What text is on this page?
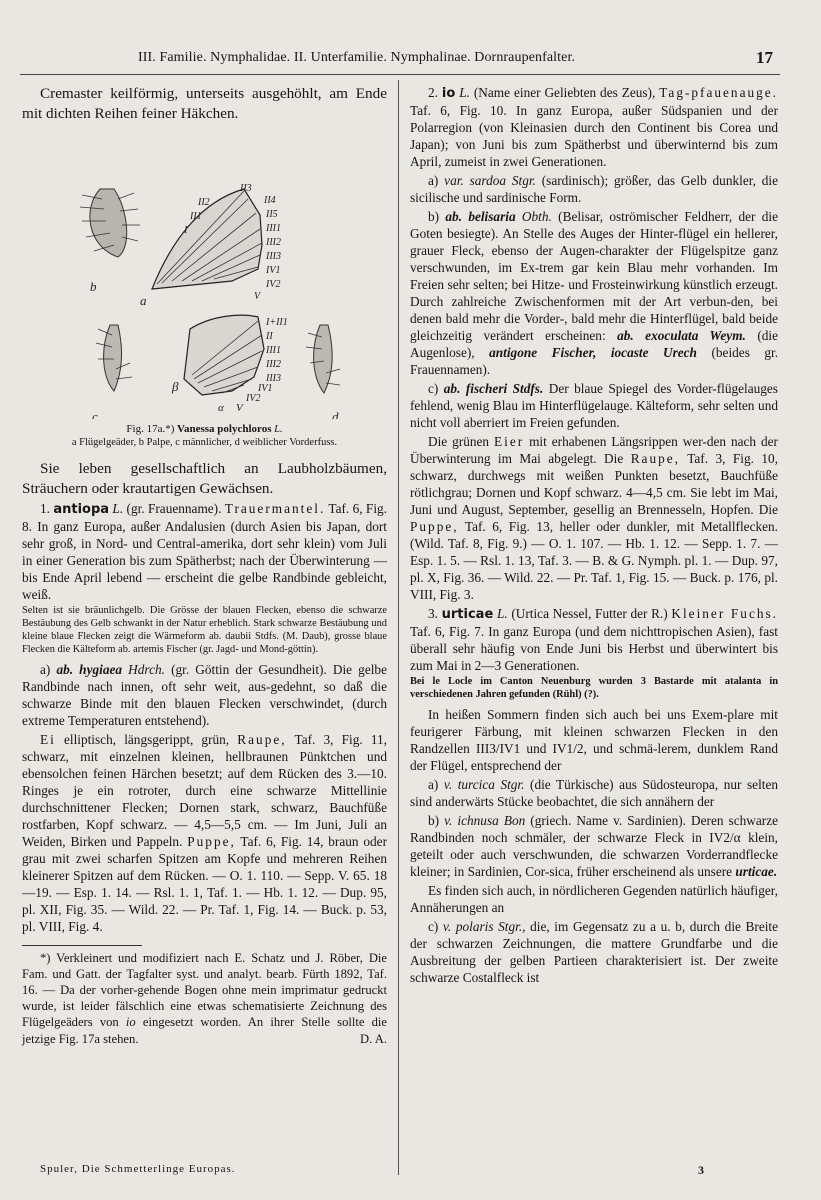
III. Familie. Nymphalidae. II. Unterfamilie. Nymphalinae. Dornraupenfalter.	17

Cremaster keilförmig, unterseits ausgehöhlt, am Ende mit dichten Reihen feiner Häkchen.

b
a
II3
II2	II4
II1	II5
I	III1
III2
III3
IV1
IV2
V
c
I+II1
II
III1
III2
III3
IV1
IV2
β
α V
d
Fig. 17a.*) Vanessa polychloros L.
a Flügelgeäder, b Palpe, c männlicher, d weiblicher Vorderfuss.

Sie leben gesellschaftlich an Laubholzbäumen, Sträuchern oder krautartigen Gewächsen.

1. antiopa L. (gr. Frauenname). Trauermantel. Taf. 6, Fig. 8. In ganz Europa, außer Andalusien (durch Asien bis Japan, dort sehr groß, in Nord- und Central-amerika, dort sehr klein) vom Juli in einer Generation bis zum Spätherbst; nach der Überwinterung — bis Ende April lebend — erscheint die gelbe Randbinde gebleicht, weiß.

Selten ist sie bräunlichgelb. Die Grösse der blauen Flecken, ebenso die schwarze Bestäubung des Gelb schwankt in der Natur erheblich. Stark schwarze Bestäubung und kleine blaue Flecken zeigt die Wärmeform ab. daubii Stdfs. (M. Daub), grosse blaue Flecken die Kälteform ab. artemis Fischer (gr. Jagd- und Mond-göttin).

a) ab. hygiaea Hdrch. (gr. Göttin der Gesundheit). Die gelbe Randbinde nach innen, oft sehr weit, aus-gedehnt, so daß die schwarze Binde mit den blauen Flecken verschwindet, (durch extreme Temperaturen entstehend).

Ei elliptisch, längsgerippt, grün, Raupe, Taf. 3, Fig. 11, schwarz, mit einzelnen kleinen, hellbraunen Pünktchen und ebensolchen feinen Härchen besetzt; auf dem Rücken des 3.—10. Ringes je ein rotroter, durch eine schwarze Mittellinie durchschnittener Flecken; Dornen stark, schwarz, Bauchfüße rostfarben, Kopf schwarz. — 4,5—5,5 cm. — Im Juni, Juli an Weiden, Birken und Pappeln. Puppe, Taf. 6, Fig. 14, braun oder grau mit zwei scharfen Spitzen am Kopfe und mehreren Reihen kleinerer Spitzen auf dem Rücken. — O. 1. 110. — Sepp. V. 65. 18—19. — Esp. 1. 14. — Rsl. 1. 1, Taf. 1. — Hb. 1. 12. — Dup. 95, pl. XII, Fig. 35. — Wild. 22. — Pr. Taf. 1, Fig. 14. — Buck. p. 53, pl. VIII, Fig. 4.

*) Verkleinert und modifiziert nach E. Schatz und J. Röber, Die Fam. und Gatt. der Tagfalter syst. und analyt. bearb. Fürth 1892, Taf. 16. — Da der vorher-gehende Bogen ohne mein imprimatur gedruckt wurde, ist leider fälschlich eine etwas schematisierte Zeichnung des Flügelgeäders von io eingesetzt worden. An ihrer Stelle sollte die jetzige Fig. 17a stehen.	D. A.

2. io L. (Name einer Geliebten des Zeus), Tag-pfauenauge. Taf. 6, Fig. 10. In ganz Europa, außer Südspanien und der Polarregion (von Kleinasien durch den Continent bis Corea und Japan); von Juni bis zum Spätherbst und überwinternd bis zum April, zumeist in zwei Generationen.

a) var. sardoa Stgr. (sardinisch); größer, das Gelb dunkler, die sicilische und sardinische Form.

b) ab. belisaria Obth. (Belisar, oströmischer Feldherr, der die Goten besiegte). An Stelle des Auges der Hinter-flügel ein hellerer, grauer Fleck, ebenso der Augen-charakter der Flügelspitze ganz verschwunden, im Ex-trem gar kein Blau mehr vorhanden. Im Freien sehr selten; bei Hitze- und Frosteinwirkung künstlich erzeugt. Durch zahlreiche Zwischenformen mit der Art verbun-den, bei denen bald mehr die Vorder-, bald mehr die Hinterflügel, bald beide gleichzeitig verändert erscheinen: ab. exoculata Weym. (die Augenlose), antigone Fischer, iocaste Urech (beides gr. Frauennamen).

c) ab. fischeri Stdfs. Der blaue Spiegel des Vorder-flügelauges fehlend, wenig Blau im Hinterflügelauge. Kälteform, sehr selten und nicht voll aberriert im Freien gefunden.

Die grünen Eier mit erhabenen Längsrippen wer-den nach der Überwinterung im Mai abgelegt. Die Raupe, Taf. 3, Fig. 10, schwarz, durchwegs mit weißen Punkten besetzt, Bauchfüße rötlichgrau; Dornen und Kopf schwarz. 4—4,5 cm. Sie lebt im Mai, Juni und August, September, gesellig an Brennesseln, Hopfen. Die Puppe, Taf. 6, Fig. 13, heller oder dunkler, mit Metallflecken. (Wild. Taf. 8, Fig. 9.) — O. 1. 107. — Hb. 1. 12. — Sepp. 1. 7. — Esp. 1. 5. — Rsl. 1. 13, Taf. 3. — B. & G. Nymph. pl. 1. — Dup. 97, pl. X, Fig. 36. — Wild. 22. — Pr. Taf. 1, Fig. 15. — Buck. p. 176, pl. VIII, Fig. 3.

3. urticae L. (Urtica Nessel, Futter der R.) Kleiner Fuchs. Taf. 6, Fig. 7. In ganz Europa (und dem nichttropischen Asien), fast überall sehr häufig von Ende Juni bis Herbst und überwintert bis zum Mai in 2—3 Generationen.

Bei le Locle im Canton Neuenburg wurden 3 Bastarde mit atalanta in verschiedenen Jahren gefunden (Rühl) (?).

In heißen Sommern finden sich auch bei uns Exem-plare mit feurigerer Färbung, mit kleinen schwarzen Flecken in den Randzellen III3/IV1 und IV1/2, und schmä-lerem, dunklem Rand der Flügel, entsprechend der

a) v. turcica Stgr. (die Türkische) aus Südosteuropa, nur selten sind anderwärts Stücke beobachtet, die sich annähern der

b) v. ichnusa Bon (griech. Name v. Sardinien). Deren schwarze Randbinden noch schmäler, der schwarze Fleck in IV2/α klein, geteilt oder auch verschwunden, die schwarzen Vorderrandflecke kleiner; in Sardinien, Cor-sica, früher erscheinend als unsere urticae.

Es finden sich auch, in nördlicheren Gegenden natürlich häufiger, Annäherungen an

c) v. polaris Stgr., die, im Gegensatz zu a u. b, durch die Breite der schwarzen Zeichnungen, die mattere Grundfarbe und die Ausbreitung der gelben Partieen charakterisiert ist. Der zweite schwarze Costalfleck ist

Spuler, Die Schmetterlinge Europas.	3
